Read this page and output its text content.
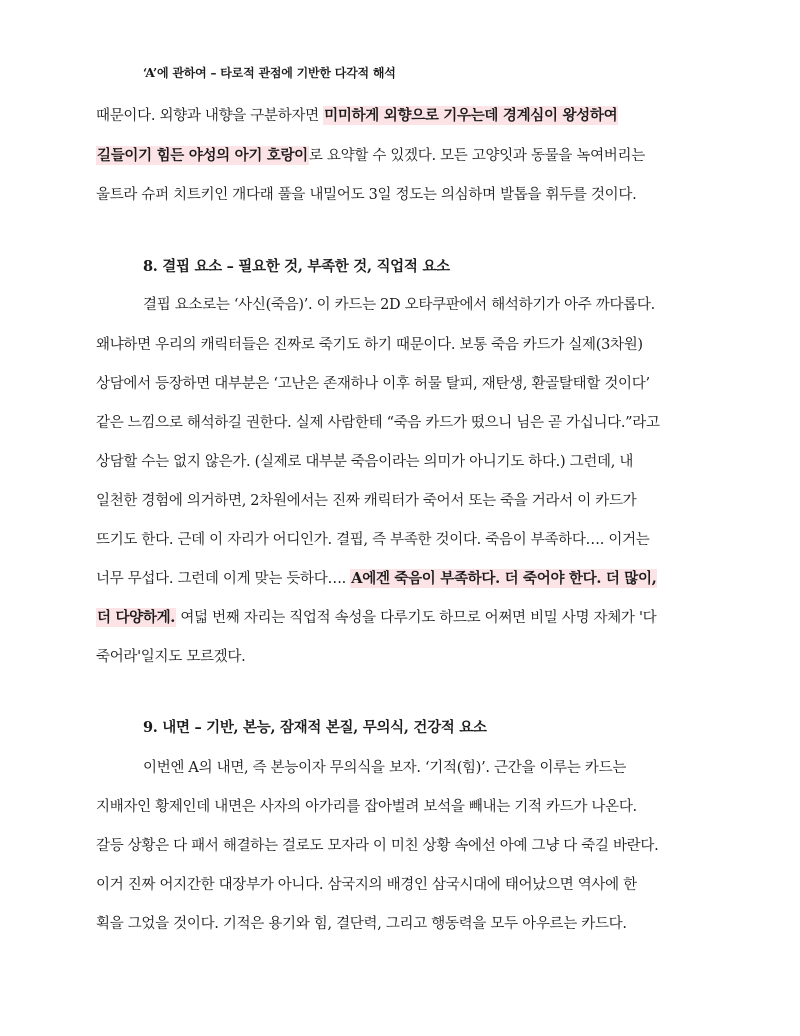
‘A’에 관하여 – 타로적 관점에 기반한 다각적 해석
때문이다. 외향과 내향을 구분하자면 미미하게 외향으로 기우는데 경계심이 왕성하여
길들이기 힘든 야성의 아기 호랑이로 요약할 수 있겠다. 모든 고양잇과 동물을 녹여버리는
울트라 슈퍼 치트키인 개다래 풀을 내밀어도 3일 정도는 의심하며 발톱을 휘두를 것이다.
8. 결핍 요소 – 필요한 것, 부족한 것, 직업적 요소
결핍 요소로는 ‘사신(죽음)’. 이 카드는 2D 오타쿠판에서 해석하기가 아주 까다롭다.
왜냐하면 우리의 캐릭터들은 진짜로 죽기도 하기 때문이다. 보통 죽음 카드가 실제(3차원)
상담에서 등장하면 대부분은 ‘고난은 존재하나 이후 허물 탈피, 재탄생, 환골탈태할 것이다’
같은 느낌으로 해석하길 권한다. 실제 사람한테 “죽음 카드가 떴으니 님은 곧 가십니다.”라고
상담할 수는 없지 않은가. (실제로 대부분 죽음이라는 의미가 아니기도 하다.) 그런데, 내
일천한 경험에 의거하면, 2차원에서는 진짜 캐릭터가 죽어서 또는 죽을 거라서 이 카드가
뜨기도 한다. 근데 이 자리가 어디인가. 결핍, 즉 부족한 것이다. 죽음이 부족하다…. 이거는
너무 무섭다. 그런데 이게 맞는 듯하다…. A에겐 죽음이 부족하다. 더 죽어야 한다. 더 많이,
더 다양하게. 여덟 번째 자리는 직업적 속성을 다루기도 하므로 어쩌면 비밀 사명 자체가 '다
죽어라'일지도 모르겠다.
9. 내면 – 기반, 본능, 잠재적 본질, 무의식, 건강적 요소
이번엔 A의 내면, 즉 본능이자 무의식을 보자. ‘기적(힘)’. 근간을 이루는 카드는
지배자인 황제인데 내면은 사자의 아가리를 잡아벌려 보석을 빼내는 기적 카드가 나온다.
갈등 상황은 다 패서 해결하는 걸로도 모자라 이 미친 상황 속에선 아예 그냥 다 죽길 바란다.
이거 진짜 어지간한 대장부가 아니다. 삼국지의 배경인 삼국시대에 태어났으면 역사에 한
획을 그었을 것이다. 기적은 용기와 힘, 결단력, 그리고 행동력을 모두 아우르는 카드다.
